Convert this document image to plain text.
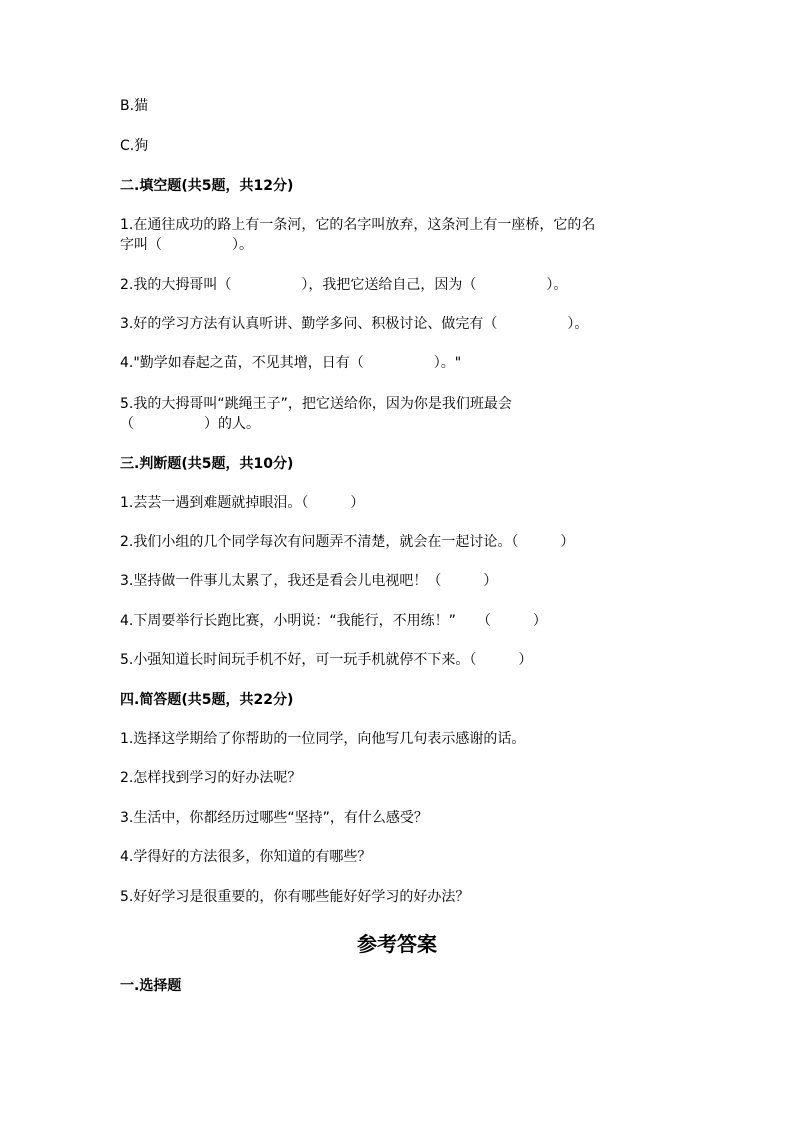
B.猫
C.狗
二.填空题(共5题，共12分)
1.在通往成功的路上有一条河，它的名字叫放弃，这条河上有一座桥，它的名
字叫（　　　　　）。
2.我的大拇哥叫（　　　　　），我把它送给自己，因为（　　　　　）。
3.好的学习方法有认真听讲、勤学多问、积极讨论、做完有（　　　　　）。
4."勤学如春起之苗，不见其增，日有（　　　　　）。"
5.我的大拇哥叫“跳绳王子”，把它送给你，因为你是我们班最会
（　　　　　）的人。
三.判断题(共5题，共10分)
1.芸芸一遇到难题就掉眼泪。（　　　）
2.我们小组的几个同学每次有问题弄不清楚，就会在一起讨论。（　　　）
3.坚持做一件事儿太累了，我还是看会儿电视吧！（　　　）
4.下周要举行长跑比赛，小明说：“我能行，不用练！”　　（　　　）
5.小强知道长时间玩手机不好，可一玩手机就停不下来。（　　　）
四.简答题(共5题，共22分)
1.选择这学期给了你帮助的一位同学，向他写几句表示感谢的话。
2.怎样找到学习的好办法呢？
3.生活中，你都经历过哪些“坚持”，有什么感受？
4.学得好的方法很多，你知道的有哪些？
5.好好学习是很重要的，你有哪些能好好学习的好办法？
参考答案
一.选择题
